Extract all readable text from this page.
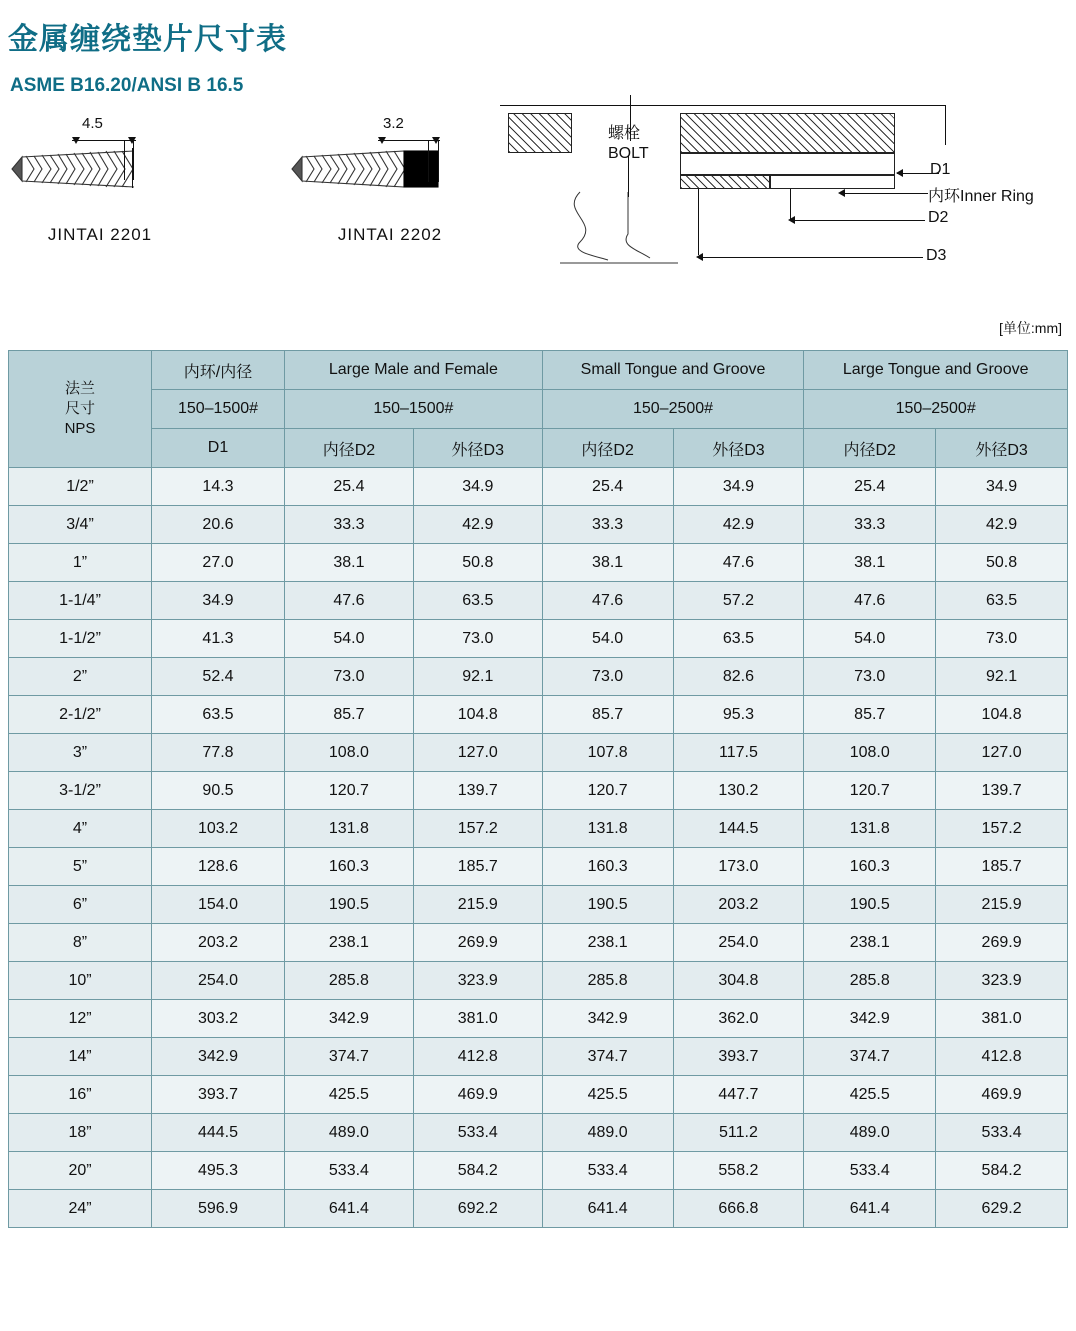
金属缠绕垫片尺寸表
ASME B16.20/ANSI B 16.5
4.5
JINTAI 2201
3.2
JINTAI 2202
螺栓
BOLT
D1
内环Inner Ring
D2
D3
[单位:mm]
法兰
尺寸
NPS	内环/内径	Large Male and Female		Small Tongue and Groove		Large Tongue and Groove	
	150–1500#	150–1500#		150–2500#		150–2500#	
	D1	内径D2	外径D3	内径D2	外径D3	内径D2	外径D3
1/2”	14.3	25.4	34.9	25.4	34.9	25.4	34.9
3/4”	20.6	33.3	42.9	33.3	42.9	33.3	42.9
1”	27.0	38.1	50.8	38.1	47.6	38.1	50.8
1-1/4”	34.9	47.6	63.5	47.6	57.2	47.6	63.5
1-1/2”	41.3	54.0	73.0	54.0	63.5	54.0	73.0
2”	52.4	73.0	92.1	73.0	82.6	73.0	92.1
2-1/2”	63.5	85.7	104.8	85.7	95.3	85.7	104.8
3”	77.8	108.0	127.0	107.8	117.5	108.0	127.0
3-1/2”	90.5	120.7	139.7	120.7	130.2	120.7	139.7
4”	103.2	131.8	157.2	131.8	144.5	131.8	157.2
5”	128.6	160.3	185.7	160.3	173.0	160.3	185.7
6”	154.0	190.5	215.9	190.5	203.2	190.5	215.9
8”	203.2	238.1	269.9	238.1	254.0	238.1	269.9
10”	254.0	285.8	323.9	285.8	304.8	285.8	323.9
12”	303.2	342.9	381.0	342.9	362.0	342.9	381.0
14”	342.9	374.7	412.8	374.7	393.7	374.7	412.8
16”	393.7	425.5	469.9	425.5	447.7	425.5	469.9
18”	444.5	489.0	533.4	489.0	511.2	489.0	533.4
20”	495.3	533.4	584.2	533.4	558.2	533.4	584.2
24”	596.9	641.4	692.2	641.4	666.8	641.4	629.2
